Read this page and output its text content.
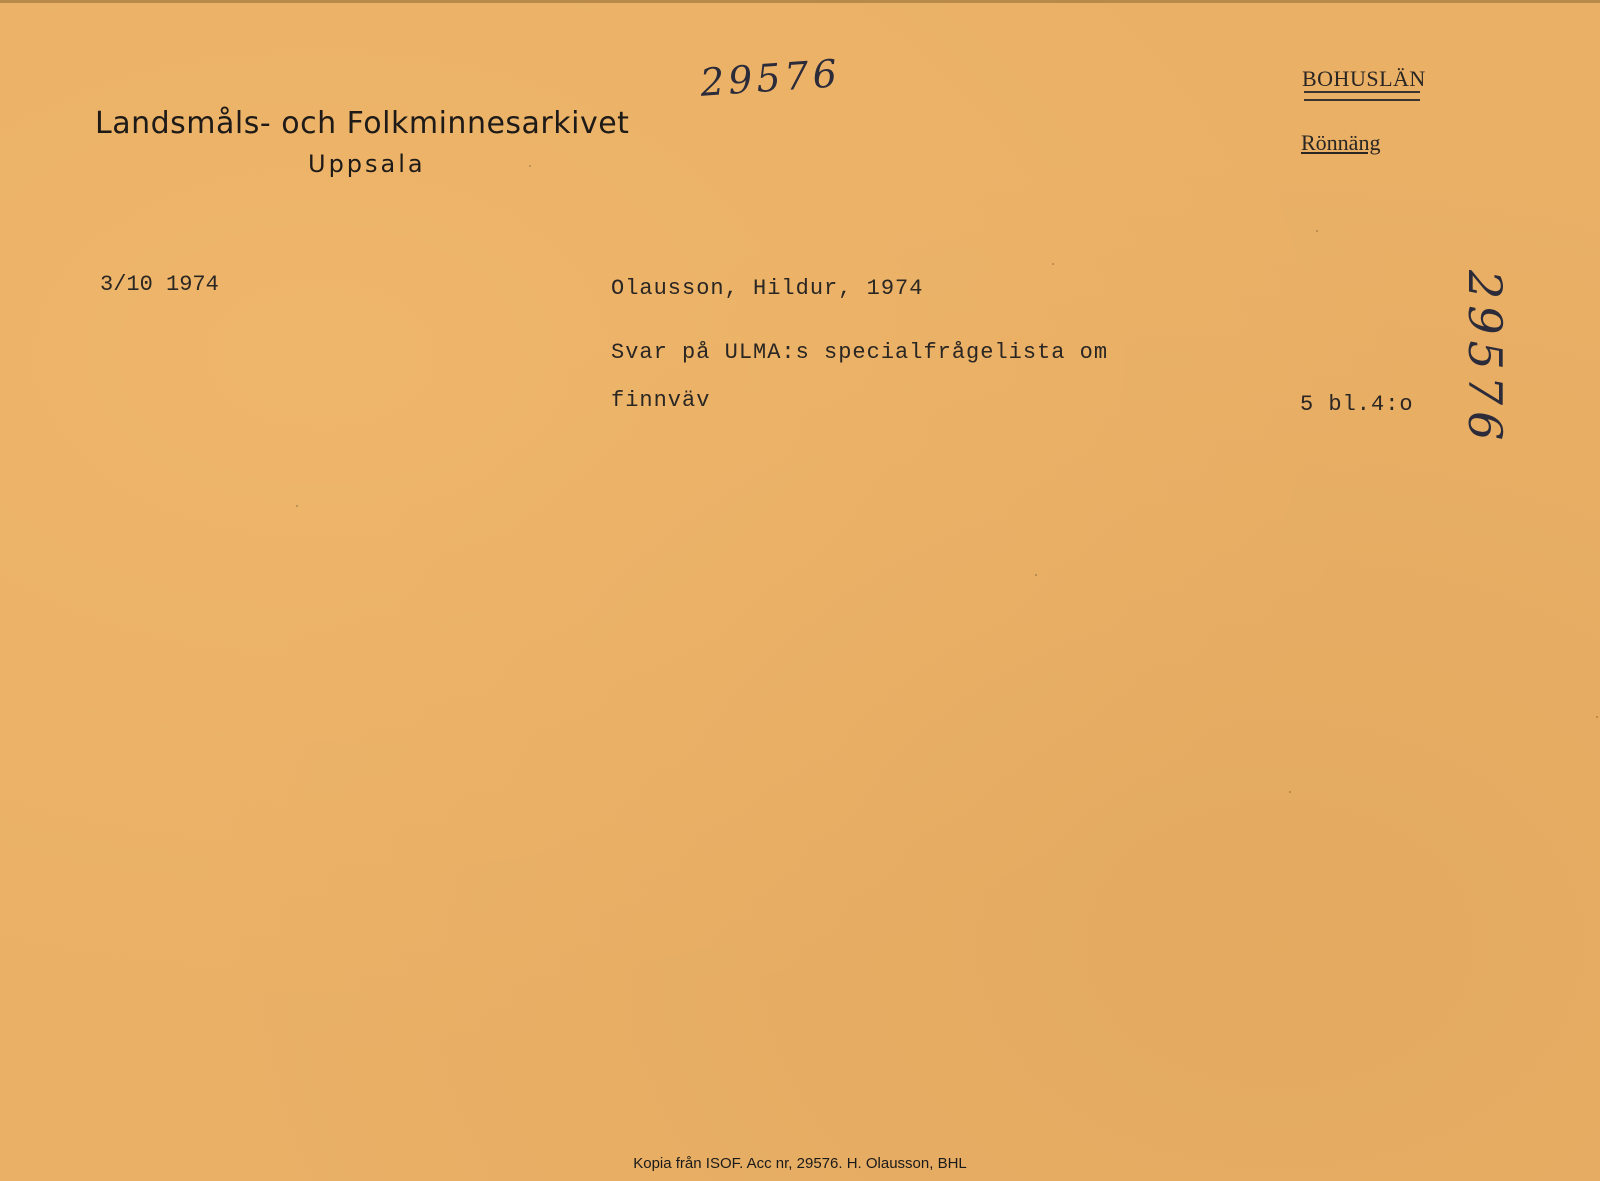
Landsmåls- och Folkminnesarkivet
Uppsala
29576
29576
BOHUSLÄN
Rönnäng
3/10 1974	Olausson, Hildur, 1974
Svar på ULMA:s specialfrågelista om
finnväv	5 bl.4:o
Kopia från ISOF. Acc nr, 29576. H. Olausson, BHL
